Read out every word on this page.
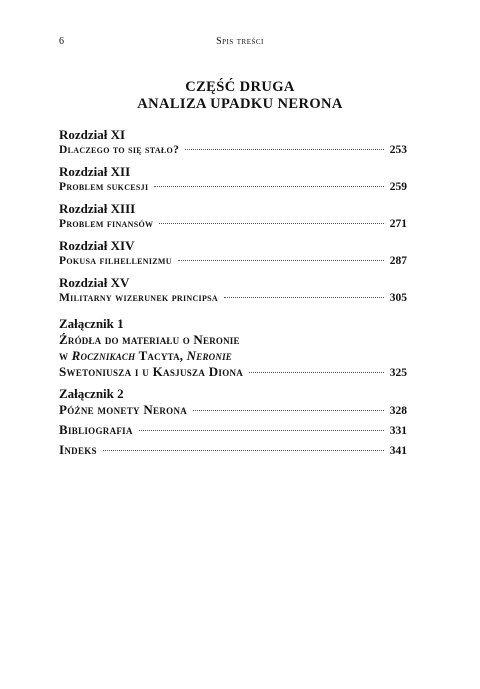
6	Spis treści
CZĘŚĆ DRUGA
ANALIZA UPADKU NERONA
Rozdział XI
Dlaczego to się stało?	253
Rozdział XII
Problem sukcesji	259
Rozdział XIII
Problem finansów	271
Rozdział XIV
Pokusa filhellenizmu	287
Rozdział XV
Militarny wizerunek principsa	305
Załącznik 1
Źródła do materiału o Neronie
w Rocznikach Tacyta, Neronie
Swetoniusza i u Kasjusza Diona	325
Załącznik 2
Późne monety Nerona	328
Bibliografia	331
Indeks	341
